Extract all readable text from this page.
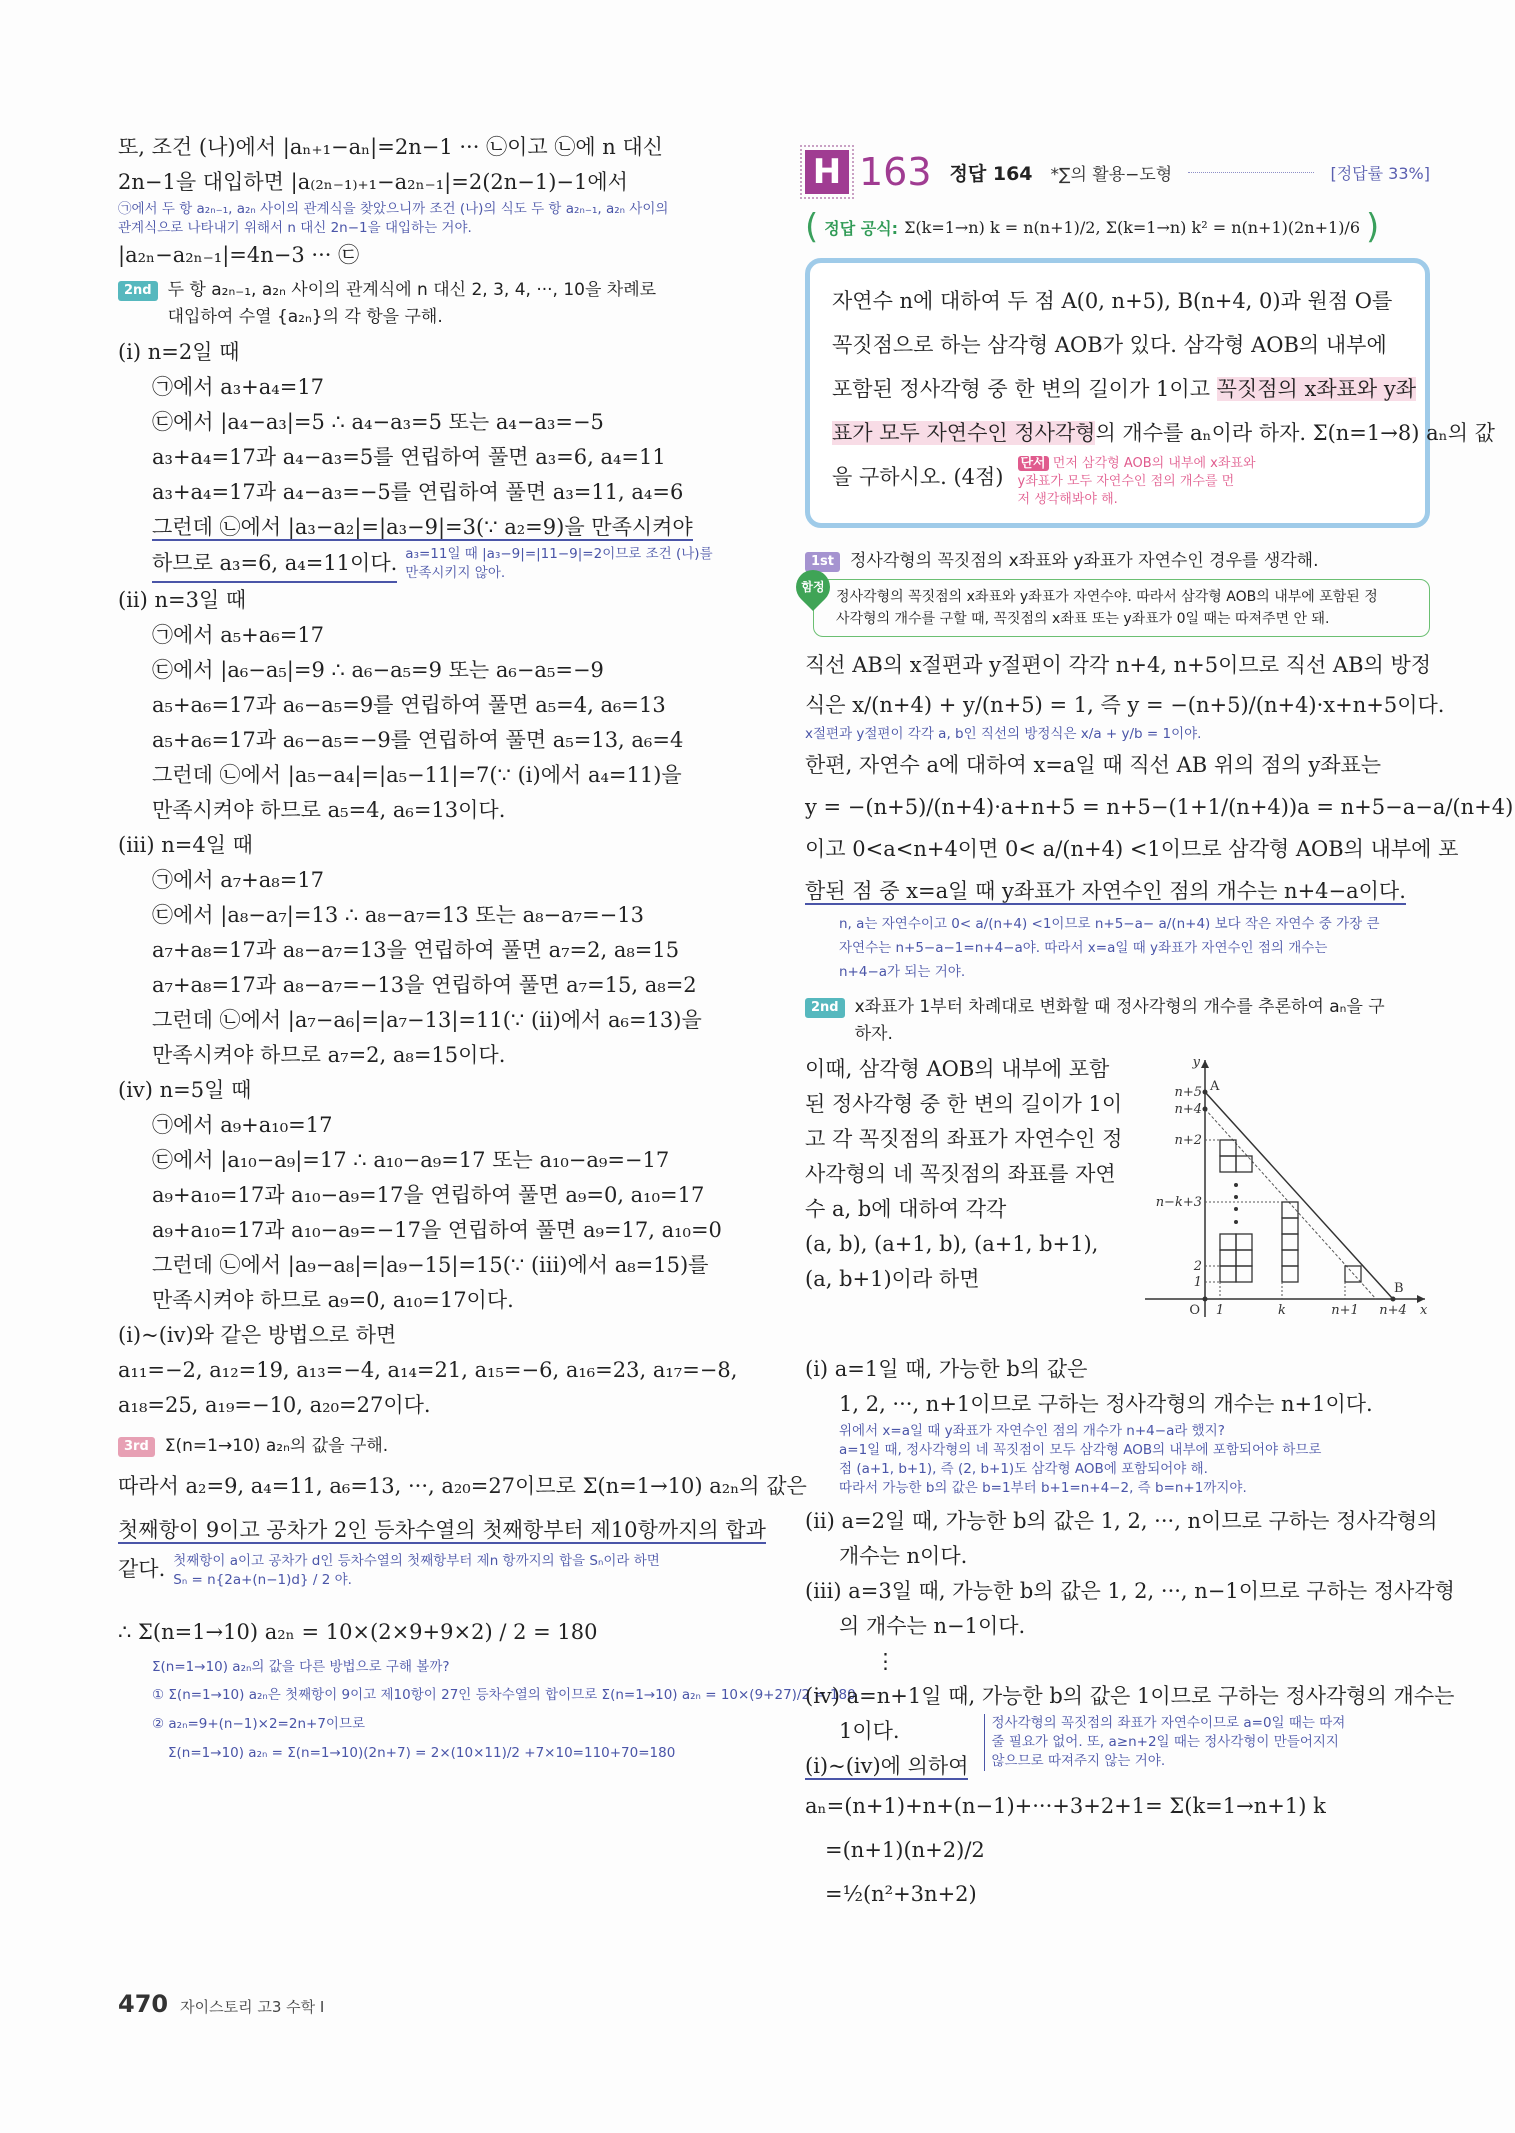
또, 조건 (나)에서 |aₙ₊₁−aₙ|=2n−1 ··· ㉡이고 ㉡에 n 대신
2n−1을 대입하면 |a₍₂ₙ₋₁₎₊₁−a₂ₙ₋₁|=2(2n−1)−1에서
㉠에서 두 항 a₂ₙ₋₁, a₂ₙ 사이의 관계식을 찾았으니까 조건 (나)의 식도 두 항 a₂ₙ₋₁, a₂ₙ 사이의
관계식으로 나타내기 위해서 n 대신 2n−1을 대입하는 거야.
|a₂ₙ−a₂ₙ₋₁|=4n−3 ··· ㉢
2nd 두 항 a₂ₙ₋₁, a₂ₙ 사이의 관계식에 n 대신 2, 3, 4, ···, 10을 차례로
대입하여 수열 {a₂ₙ}의 각 항을 구해.
(i) n=2일 때
㉠에서 a₃+a₄=17
㉢에서 |a₄−a₃|=5 ∴ a₄−a₃=5 또는 a₄−a₃=−5
a₃+a₄=17과 a₄−a₃=5를 연립하여 풀면 a₃=6, a₄=11
a₃+a₄=17과 a₄−a₃=−5를 연립하여 풀면 a₃=11, a₄=6
그런데 ㉡에서 |a₃−a₂|=|a₃−9|=3(∵ a₂=9)을 만족시켜야
하므로 a₃=6, a₄=11이다. a₃=11일 때 |a₃−9|=|11−9|=2이므로 조건 (나)를
만족시키지 않아.
(ii) n=3일 때
㉠에서 a₅+a₆=17
㉢에서 |a₆−a₅|=9 ∴ a₆−a₅=9 또는 a₆−a₅=−9
a₅+a₆=17과 a₆−a₅=9를 연립하여 풀면 a₅=4, a₆=13
a₅+a₆=17과 a₆−a₅=−9를 연립하여 풀면 a₅=13, a₆=4
그런데 ㉡에서 |a₅−a₄|=|a₅−11|=7(∵ (i)에서 a₄=11)을
만족시켜야 하므로 a₅=4, a₆=13이다.
(iii) n=4일 때
㉠에서 a₇+a₈=17
㉢에서 |a₈−a₇|=13 ∴ a₈−a₇=13 또는 a₈−a₇=−13
a₇+a₈=17과 a₈−a₇=13을 연립하여 풀면 a₇=2, a₈=15
a₇+a₈=17과 a₈−a₇=−13을 연립하여 풀면 a₇=15, a₈=2
그런데 ㉡에서 |a₇−a₆|=|a₇−13|=11(∵ (ii)에서 a₆=13)을
만족시켜야 하므로 a₇=2, a₈=15이다.
(iv) n=5일 때
㉠에서 a₉+a₁₀=17
㉢에서 |a₁₀−a₉|=17 ∴ a₁₀−a₉=17 또는 a₁₀−a₉=−17
a₉+a₁₀=17과 a₁₀−a₉=17을 연립하여 풀면 a₉=0, a₁₀=17
a₉+a₁₀=17과 a₁₀−a₉=−17을 연립하여 풀면 a₉=17, a₁₀=0
그런데 ㉡에서 |a₉−a₈|=|a₉−15|=15(∵ (iii)에서 a₈=15)를
만족시켜야 하므로 a₉=0, a₁₀=17이다.
(i)~(iv)와 같은 방법으로 하면
a₁₁=−2, a₁₂=19, a₁₃=−4, a₁₄=21, a₁₅=−6, a₁₆=23, a₁₇=−8,
a₁₈=25, a₁₉=−10, a₂₀=27이다.
3rd Σ(n=1→10) a₂ₙ의 값을 구해.
따라서 a₂=9, a₄=11, a₆=13, ···, a₂₀=27이므로 Σ(n=1→10) a₂ₙ의 값은
첫째항이 9이고 공차가 2인 등차수열의 첫째항부터 제10항까지의 합과
같다. 첫째항이 a이고 공차가 d인 등차수열의 첫째항부터 제n 항까지의 합을 Sₙ이라 하면
Sₙ = n{2a+(n−1)d} / 2 야.
∴ Σ(n=1→10) a₂ₙ = 10×(2×9+9×2) / 2 = 180
Σ(n=1→10) a₂ₙ의 값을 다른 방법으로 구해 볼까?
① Σ(n=1→10) a₂ₙ은 첫째항이 9이고 제10항이 27인 등차수열의 합이므로 Σ(n=1→10) a₂ₙ = 10×(9+27)/2 = 180
② a₂ₙ=9+(n−1)×2=2n+7이므로
Σ(n=1→10) a₂ₙ = Σ(n=1→10)(2n+7) = 2×(10×11)/2 +7×10=110+70=180
H 163 정답 164 *∑의 활용−도형	[정답률 33%]
( 정답 공식: Σ(k=1→n) k = n(n+1)/2, Σ(k=1→n) k² = n(n+1)(2n+1)/6 )
자연수 n에 대하여 두 점 A(0, n+5), B(n+4, 0)과 원점 O를
꼭짓점으로 하는 삼각형 AOB가 있다. 삼각형 AOB의 내부에
포함된 정사각형 중 한 변의 길이가 1이고 꼭짓점의 x좌표와 y좌
표가 모두 자연수인 정사각형의 개수를 aₙ이라 하자. Σ(n=1→8) aₙ의 값
을 구하시오. (4점)
단서 먼저 삼각형 AOB의 내부에 x좌표와
y좌표가 모두 자연수인 점의 개수를 먼
저 생각해봐야 해.
1st 정사각형의 꼭짓점의 x좌표와 y좌표가 자연수인 경우를 생각해.
함정
정사각형의 꼭짓점의 x좌표와 y좌표가 자연수야. 따라서 삼각형 AOB의 내부에 포함된 정
사각형의 개수를 구할 때, 꼭짓점의 x좌표 또는 y좌표가 0일 때는 따져주면 안 돼.
직선 AB의 x절편과 y절편이 각각 n+4, n+5이므로 직선 AB의 방정
식은 x/(n+4) + y/(n+5) = 1, 즉 y = −(n+5)/(n+4)·x+n+5이다.
x절편과 y절편이 각각 a, b인 직선의 방정식은 x/a + y/b = 1이야.
한편, 자연수 a에 대하여 x=a일 때 직선 AB 위의 점의 y좌표는
y = −(n+5)/(n+4)·a+n+5 = n+5−(1+1/(n+4))a = n+5−a−a/(n+4)
이고 0<a<n+4이면 0< a/(n+4) <1이므로 삼각형 AOB의 내부에 포
함된 점 중 x=a일 때 y좌표가 자연수인 점의 개수는 n+4−a이다.
n, a는 자연수이고 0< a/(n+4) <1이므로 n+5−a− a/(n+4) 보다 작은 자연수 중 가장 큰
자연수는 n+5−a−1=n+4−a야. 따라서 x=a일 때 y좌표가 자연수인 점의 개수는
n+4−a가 되는 거야.
2nd x좌표가 1부터 차례대로 변화할 때 정사각형의 개수를 추론하여 aₙ을 구
하자.
이때, 삼각형 AOB의 내부에 포함
된 정사각형 중 한 변의 길이가 1이
고 각 꼭짓점의 좌표가 자연수인 정
사각형의 네 꼭짓점의 좌표를 자연
수 a, b에 대하여 각각
(a, b), (a+1, b), (a+1, b+1),
(a, b+1)이라 하면
y
x
n+5
n+4
n+2
n−k+3
2
1
O 1	k	n+1 n+4
A
B
(i) a=1일 때, 가능한 b의 값은
1, 2, ···, n+1이므로 구하는 정사각형의 개수는 n+1이다.
위에서 x=a일 때 y좌표가 자연수인 점의 개수가 n+4−a라 했지?
a=1일 때, 정사각형의 네 꼭짓점이 모두 삼각형 AOB의 내부에 포함되어야 하므로
점 (a+1, b+1), 즉 (2, b+1)도 삼각형 AOB에 포함되어야 해.
따라서 가능한 b의 값은 b=1부터 b+1=n+4−2, 즉 b=n+1까지야.
(ii) a=2일 때, 가능한 b의 값은 1, 2, ···, n이므로 구하는 정사각형의
개수는 n이다.
(iii) a=3일 때, 가능한 b의 값은 1, 2, ···, n−1이므로 구하는 정사각형
의 개수는 n−1이다.
⋮
(iv) a=n+1일 때, 가능한 b의 값은 1이므로 구하는 정사각형의 개수는
1이다.
(i)~(iv)에 의하여
정사각형의 꼭짓점의 좌표가 자연수이므로 a=0일 때는 따져
줄 필요가 없어. 또, a≥n+2일 때는 정사각형이 만들어지지
않으므로 따져주지 않는 거야.
aₙ=(n+1)+n+(n−1)+···+3+2+1= Σ(k=1→n+1) k
=(n+1)(n+2)/2
=½(n²+3n+2)
470 자이스토리 고3 수학 I
